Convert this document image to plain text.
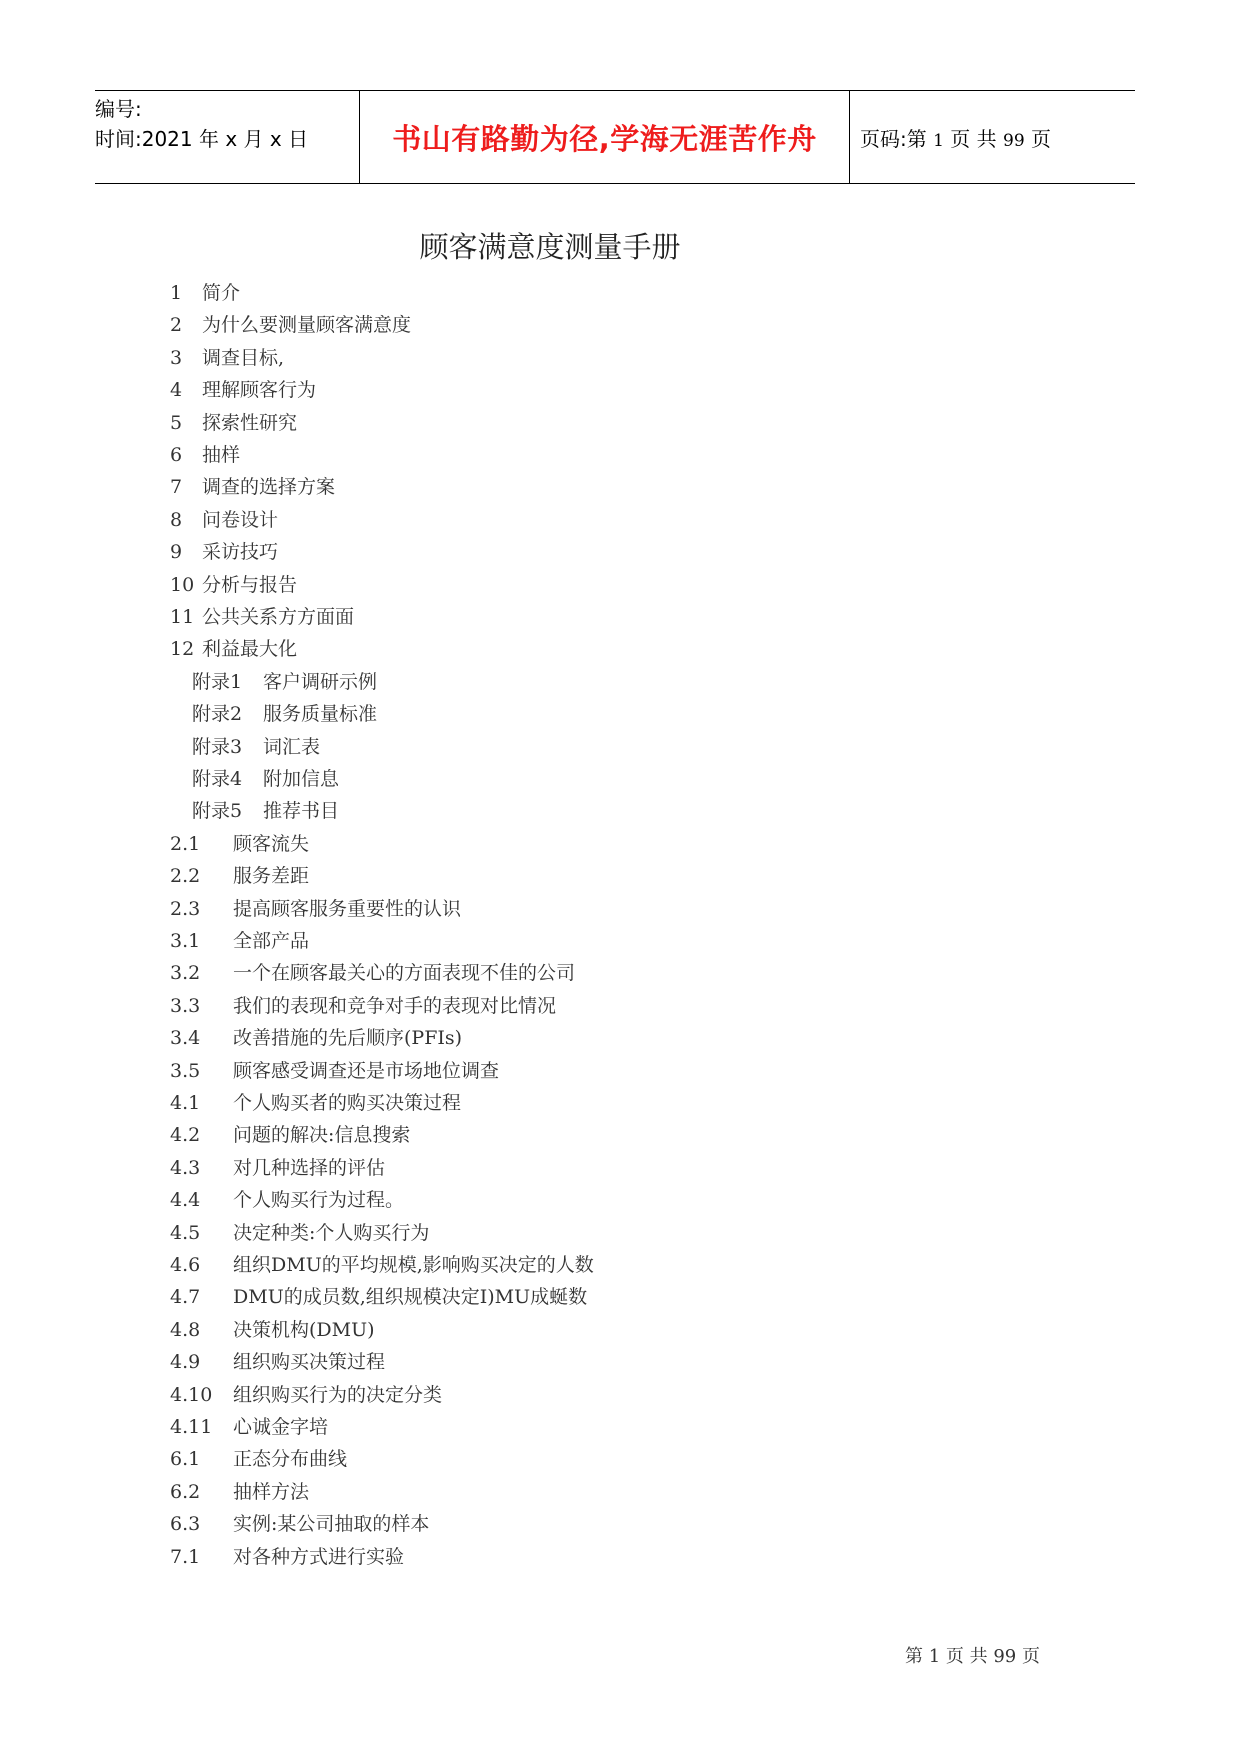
编号:
时间:2021 年 x 月 x 日	书山有路勤为径,学海无涯苦作舟 页码:第 1 页 共 99 页
顾客满意度测量手册
1 简介
2 为什么要测量顾客满意度
3 调查目标,
4 理解顾客行为
5 探索性研究
6 抽样
7 调查的选择方案
8 问卷设计
9 采访技巧
10 分析与报告
11 公共关系方方面面
12 利益最大化
附录1 客户调研示例
附录2 服务质量标准
附录3 词汇表
附录4 附加信息
附录5 推荐书目
2.1 顾客流失
2.2 服务差距
2.3 提高顾客服务重要性的认识
3.1 全部产品
3.2 一个在顾客最关心的方面表现不佳的公司
3.3 我们的表现和竞争对手的表现对比情况
3.4 改善措施的先后顺序(PFIs)
3.5 顾客感受调查还是市场地位调查
4.1 个人购买者的购买决策过程
4.2 问题的解决:信息搜索
4.3 对几种选择的评估
4.4 个人购买行为过程。
4.5 决定种类:个人购买行为
4.6 组织DMU的平均规模,影响购买决定的人数
4.7 DMU的成员数,组织规模决定I)MU成蜒数
4.8 决策机构(DMU)
4.9 组织购买决策过程
4.10 组织购买行为的决定分类
4.11 心诚金字培
6.1 正态分布曲线
6.2 抽样方法
6.3 实例:某公司抽取的样本
7.1 对各种方式进行实验
第 1 页 共 99 页
